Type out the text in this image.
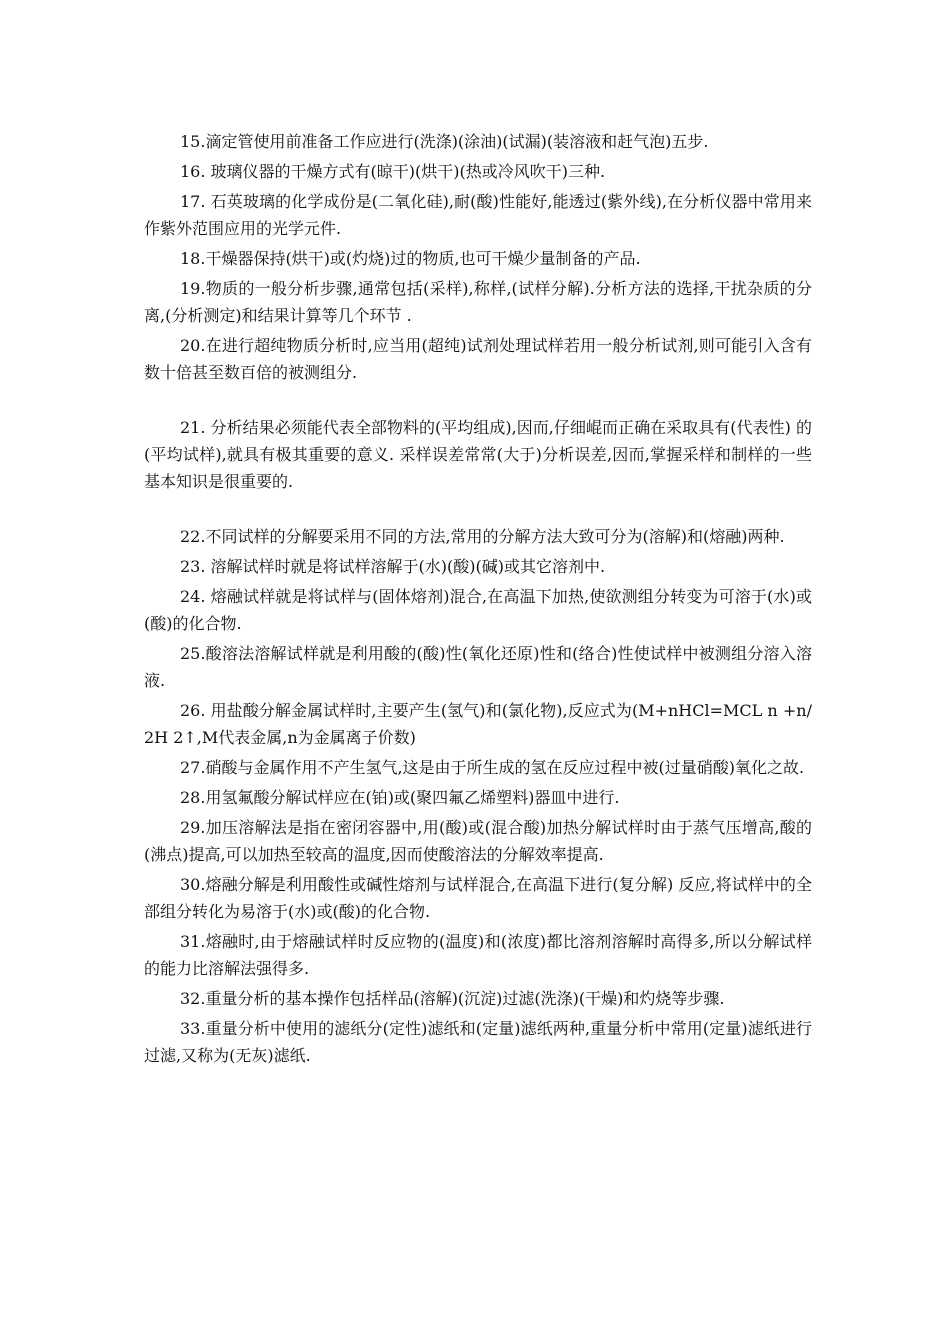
15.滴定管使用前准备工作应进行(洗涤)(涂油)(试漏)(装溶液和赶气泡)五步.

16. 玻璃仪器的干燥方式有(晾干)(烘干)(热或冷风吹干)三种.

17. 石英玻璃的化学成份是(二氧化硅),耐(酸)性能好,能透过(紫外线),在分析仪器中常用来作紫外范围应用的光学元件.

18.干燥器保持(烘干)或(灼烧)过的物质,也可干燥少量制备的产品.

19.物质的一般分析步骤,通常包括(采样),称样,(试样分解).分析方法的选择,干扰杂质的分离,(分析测定)和结果计算等几个环节 .

20.在进行超纯物质分析时,应当用(超纯)试剂处理试样若用一般分析试剂,则可能引入含有数十倍甚至数百倍的被测组分.

21. 分析结果必须能代表全部物料的(平均组成),因而,仔细崐而正确在采取具有(代表性) 的(平均试样),就具有极其重要的意义. 采样误差常常(大于)分析误差,因而,掌握采样和制样的一些基本知识是很重要的.

22.不同试样的分解要采用不同的方法,常用的分解方法大致可分为(溶解)和(熔融)两种.

23. 溶解试样时就是将试样溶解于(水)(酸)(碱)或其它溶剂中.

24. 熔融试样就是将试样与(固体熔剂)混合,在高温下加热,使欲测组分转变为可溶于(水)或(酸)的化合物.

25.酸溶法溶解试样就是利用酸的(酸)性(氧化还原)性和(络合)性使试样中被测组分溶入溶液.

26. 用盐酸分解金属试样时,主要产生(氢气)和(氯化物),反应式为(M+nHCl=MCL n +n/2H 2↑,M代表金属,n为金属离子价数)

27.硝酸与金属作用不产生氢气,这是由于所生成的氢在反应过程中被(过量硝酸)氧化之故.

28.用氢氟酸分解试样应在(铂)或(聚四氟乙烯塑料)器皿中进行.

29.加压溶解法是指在密闭容器中,用(酸)或(混合酸)加热分解试样时由于蒸气压增高,酸的(沸点)提高,可以加热至较高的温度,因而使酸溶法的分解效率提高.

30.熔融分解是利用酸性或碱性熔剂与试样混合,在高温下进行(复分解) 反应,将试样中的全部组分转化为易溶于(水)或(酸)的化合物.

31.熔融时,由于熔融试样时反应物的(温度)和(浓度)都比溶剂溶解时高得多,所以分解试样的能力比溶解法强得多.

32.重量分析的基本操作包括样品(溶解)(沉淀)过滤(洗涤)(干燥)和灼烧等步骤.

33.重量分析中使用的滤纸分(定性)滤纸和(定量)滤纸两种,重量分析中常用(定量)滤纸进行过滤,又称为(无灰)滤纸.
